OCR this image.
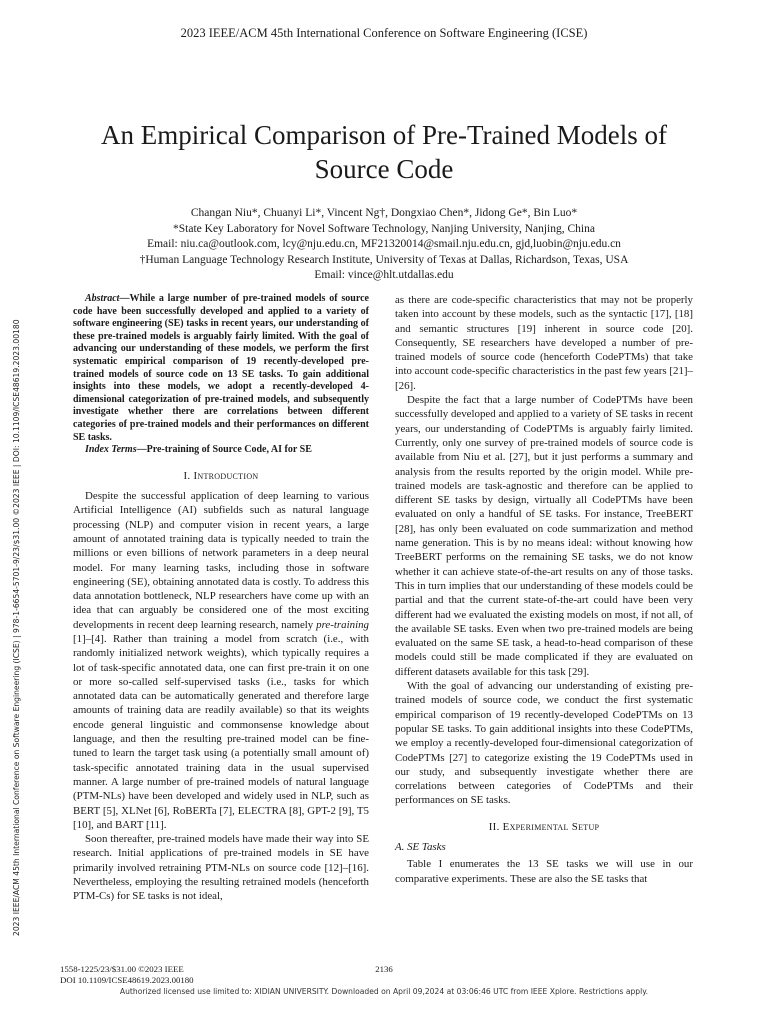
2023 IEEE/ACM 45th International Conference on Software Engineering (ICSE)
An Empirical Comparison of Pre-Trained Models of
Source Code
Changan Niu*, Chuanyi Li*, Vincent Ng†, Dongxiao Chen*, Jidong Ge*, Bin Luo*
*State Key Laboratory for Novel Software Technology, Nanjing University, Nanjing, China
Email: niu.ca@outlook.com, lcy@nju.edu.cn, MF21320014@smail.nju.edu.cn, gjd,luobin@nju.edu.cn
†Human Language Technology Research Institute, University of Texas at Dallas, Richardson, Texas, USA
Email: vince@hlt.utdallas.edu
2023 IEEE/ACM 45th International Conference on Software Engineering (ICSE) | 978-1-6654-5701-9/23/$31.00 ©2023 IEEE | DOI: 10.1109/ICSE48619.2023.00180

Abstract—While a large number of pre-trained models of source code have been successfully developed and applied to a variety of software engineering (SE) tasks in recent years, our understanding of these pre-trained models is arguably fairly limited. With the goal of advancing our understanding of these models, we perform the first systematic empirical comparison of 19 recently-developed pre-trained models of source code on 13 SE tasks. To gain additional insights into these models, we adopt a recently-developed 4-dimensional categorization of pre-trained models, and subsequently investigate whether there are correlations between different categories of pre-trained models and their performances on different SE tasks.

Index Terms—Pre-training of Source Code, AI for SE

I. Introduction

Despite the successful application of deep learning to various Artificial Intelligence (AI) subfields such as natural language processing (NLP) and computer vision in recent years, a large amount of annotated training data is typically needed to train the millions or even billions of network parameters in a deep neural model. For many learning tasks, including those in software engineering (SE), obtaining annotated data is costly. To address this data annotation bottleneck, NLP researchers have come up with an idea that can arguably be considered one of the most exciting developments in recent deep learning research, namely pre-training [1]–[4]. Rather than training a model from scratch (i.e., with randomly initialized network weights), which typically requires a lot of task-specific annotated data, one can first pre-train it on one or more so-called self-supervised tasks (i.e., tasks for which annotated data can be automatically generated and therefore large amounts of training data are readily available) so that its weights encode general linguistic and commonsense knowledge about language, and then the resulting pre-trained model can be fine-tuned to learn the target task using (a potentially small amount of) task-specific annotated training data in the usual supervised manner. A large number of pre-trained models of natural language (PTM-NLs) have been developed and widely used in NLP, such as BERT [5], XLNet [6], RoBERTa [7], ELECTRA [8], GPT-2 [9], T5 [10], and BART [11].

Soon thereafter, pre-trained models have made their way into SE research. Initial applications of pre-trained models in SE have primarily involved retraining PTM-NLs on source code [12]–[16]. Nevertheless, employing the resulting retrained models (henceforth PTM-Cs) for SE tasks is not ideal,

as there are code-specific characteristics that may not be properly taken into account by these models, such as the syntactic [17], [18] and semantic structures [19] inherent in source code [20]. Consequently, SE researchers have developed a number of pre-trained models of source code (henceforth CodePTMs) that take into account code-specific characteristics in the past few years [21]–[26].

Despite the fact that a large number of CodePTMs have been successfully developed and applied to a variety of SE tasks in recent years, our understanding of CodePTMs is arguably fairly limited. Currently, only one survey of pre-trained models of source code is available from Niu et al. [27], but it just performs a summary and analysis from the results reported by the origin model. While pre-trained models are task-agnostic and therefore can be applied to different SE tasks by design, virtually all CodePTMs have been evaluated on only a handful of SE tasks. For instance, TreeBERT [28], has only been evaluated on code summarization and method name generation. This is by no means ideal: without knowing how TreeBERT performs on the remaining SE tasks, we do not know whether it can achieve state-of-the-art results on any of those tasks. This in turn implies that our understanding of these models could be partial and that the current state-of-the-art could have been very different had we evaluated the existing models on most, if not all, of the available SE tasks. Even when two pre-trained models are being evaluated on the same SE task, a head-to-head comparison of these models could still be made complicated if they are evaluated on different datasets available for this task [29].

With the goal of advancing our understanding of existing pre-trained models of source code, we conduct the first systematic empirical comparison of 19 recently-developed CodePTMs on 13 popular SE tasks. To gain additional insights into these CodePTMs, we employ a recently-developed four-dimensional categorization of CodePTMs [27] to categorize existing the 19 CodePTMs used in our study, and subsequently investigate whether there are correlations between categories of CodePTMs and their performances on SE tasks.

II. Experimental Setup
A. SE Tasks

Table I enumerates the 13 SE tasks we will use in our comparative experiments. These are also the SE tasks that

1558-1225/23/$31.00 ©2023 IEEE
DOI 10.1109/ICSE48619.2023.00180
2136
Authorized licensed use limited to: XIDIAN UNIVERSITY. Downloaded on April 09,2024 at 03:06:46 UTC from IEEE Xplore. Restrictions apply.
